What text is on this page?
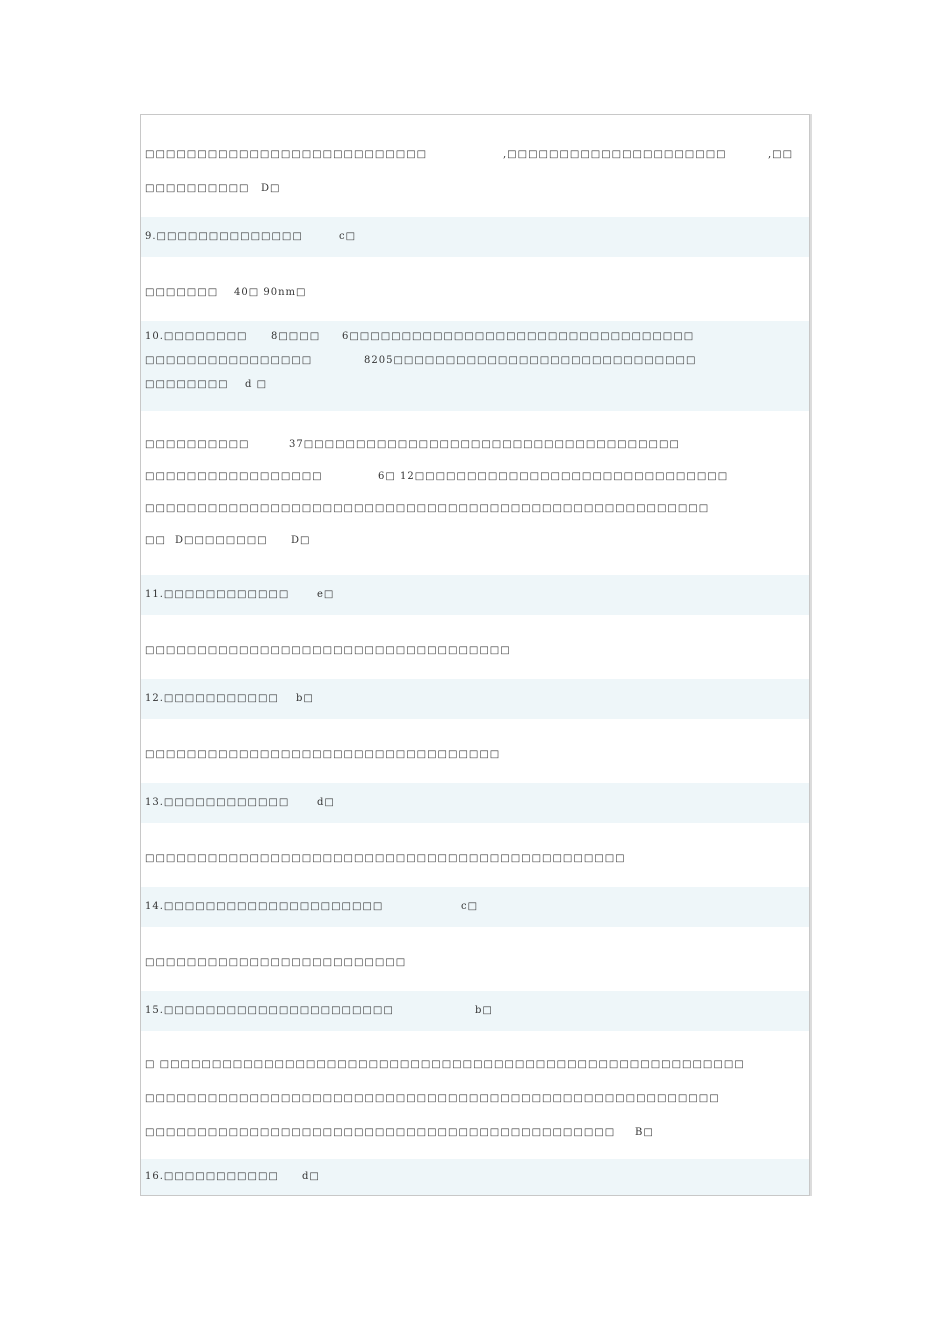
□□□□□□□□□□□□□□□□□□□□□□□□□□□	,□□□□□□□□□□□□□□□□□□□□□	,□□
□□□□□□□□□□ D□
9.□□□□□□□□□□□□□□	c□
□□□□□□□ 40□ 90nm□
10.□□□□□□□□ 8□□□□ 6□□□□□□□□□□□□□□□□□□□□□□□□□□□□□□□□□
□□□□□□□□□□□□□□□□	8205□□□□□□□□□□□□□□□□□□□□□□□□□□□□□
□□□□□□□□ d □
□□□□□□□□□□	37□□□□□□□□□□□□□□□□□□□□□□□□□□□□□□□□□□□□
□□□□□□□□□□□□□□□□□	6□ 12□□□□□□□□□□□□□□□□□□□□□□□□□□□□□□
□□□□□□□□□□□□□□□□□□□□□□□□□□□□□□□□□□□□□□□□□□□□□□□□□□□□□□
□□ D□□□□□□□□ D□
11.□□□□□□□□□□□□	e□
□□□□□□□□□□□□□□□□□□□□□□□□□□□□□□□□□□□
12.□□□□□□□□□□□ b□
□□□□□□□□□□□□□□□□□□□□□□□□□□□□□□□□□□
13.□□□□□□□□□□□□	d□
□□□□□□□□□□□□□□□□□□□□□□□□□□□□□□□□□□□□□□□□□□□□□□
14.□□□□□□□□□□□□□□□□□□□□□	c□
□□□□□□□□□□□□□□□□□□□□□□□□□
15.□□□□□□□□□□□□□□□□□□□□□□	b□
□ □□□□□□□□□□□□□□□□□□□□□□□□□□□□□□□□□□□□□□□□□□□□□□□□□□□□□□□□
□□□□□□□□□□□□□□□□□□□□□□□□□□□□□□□□□□□□□□□□□□□□□□□□□□□□□□□
□□□□□□□□□□□□□□□□□□□□□□□□□□□□□□□□□□□□□□□□□□□□□ B□
16.□□□□□□□□□□□ d□
